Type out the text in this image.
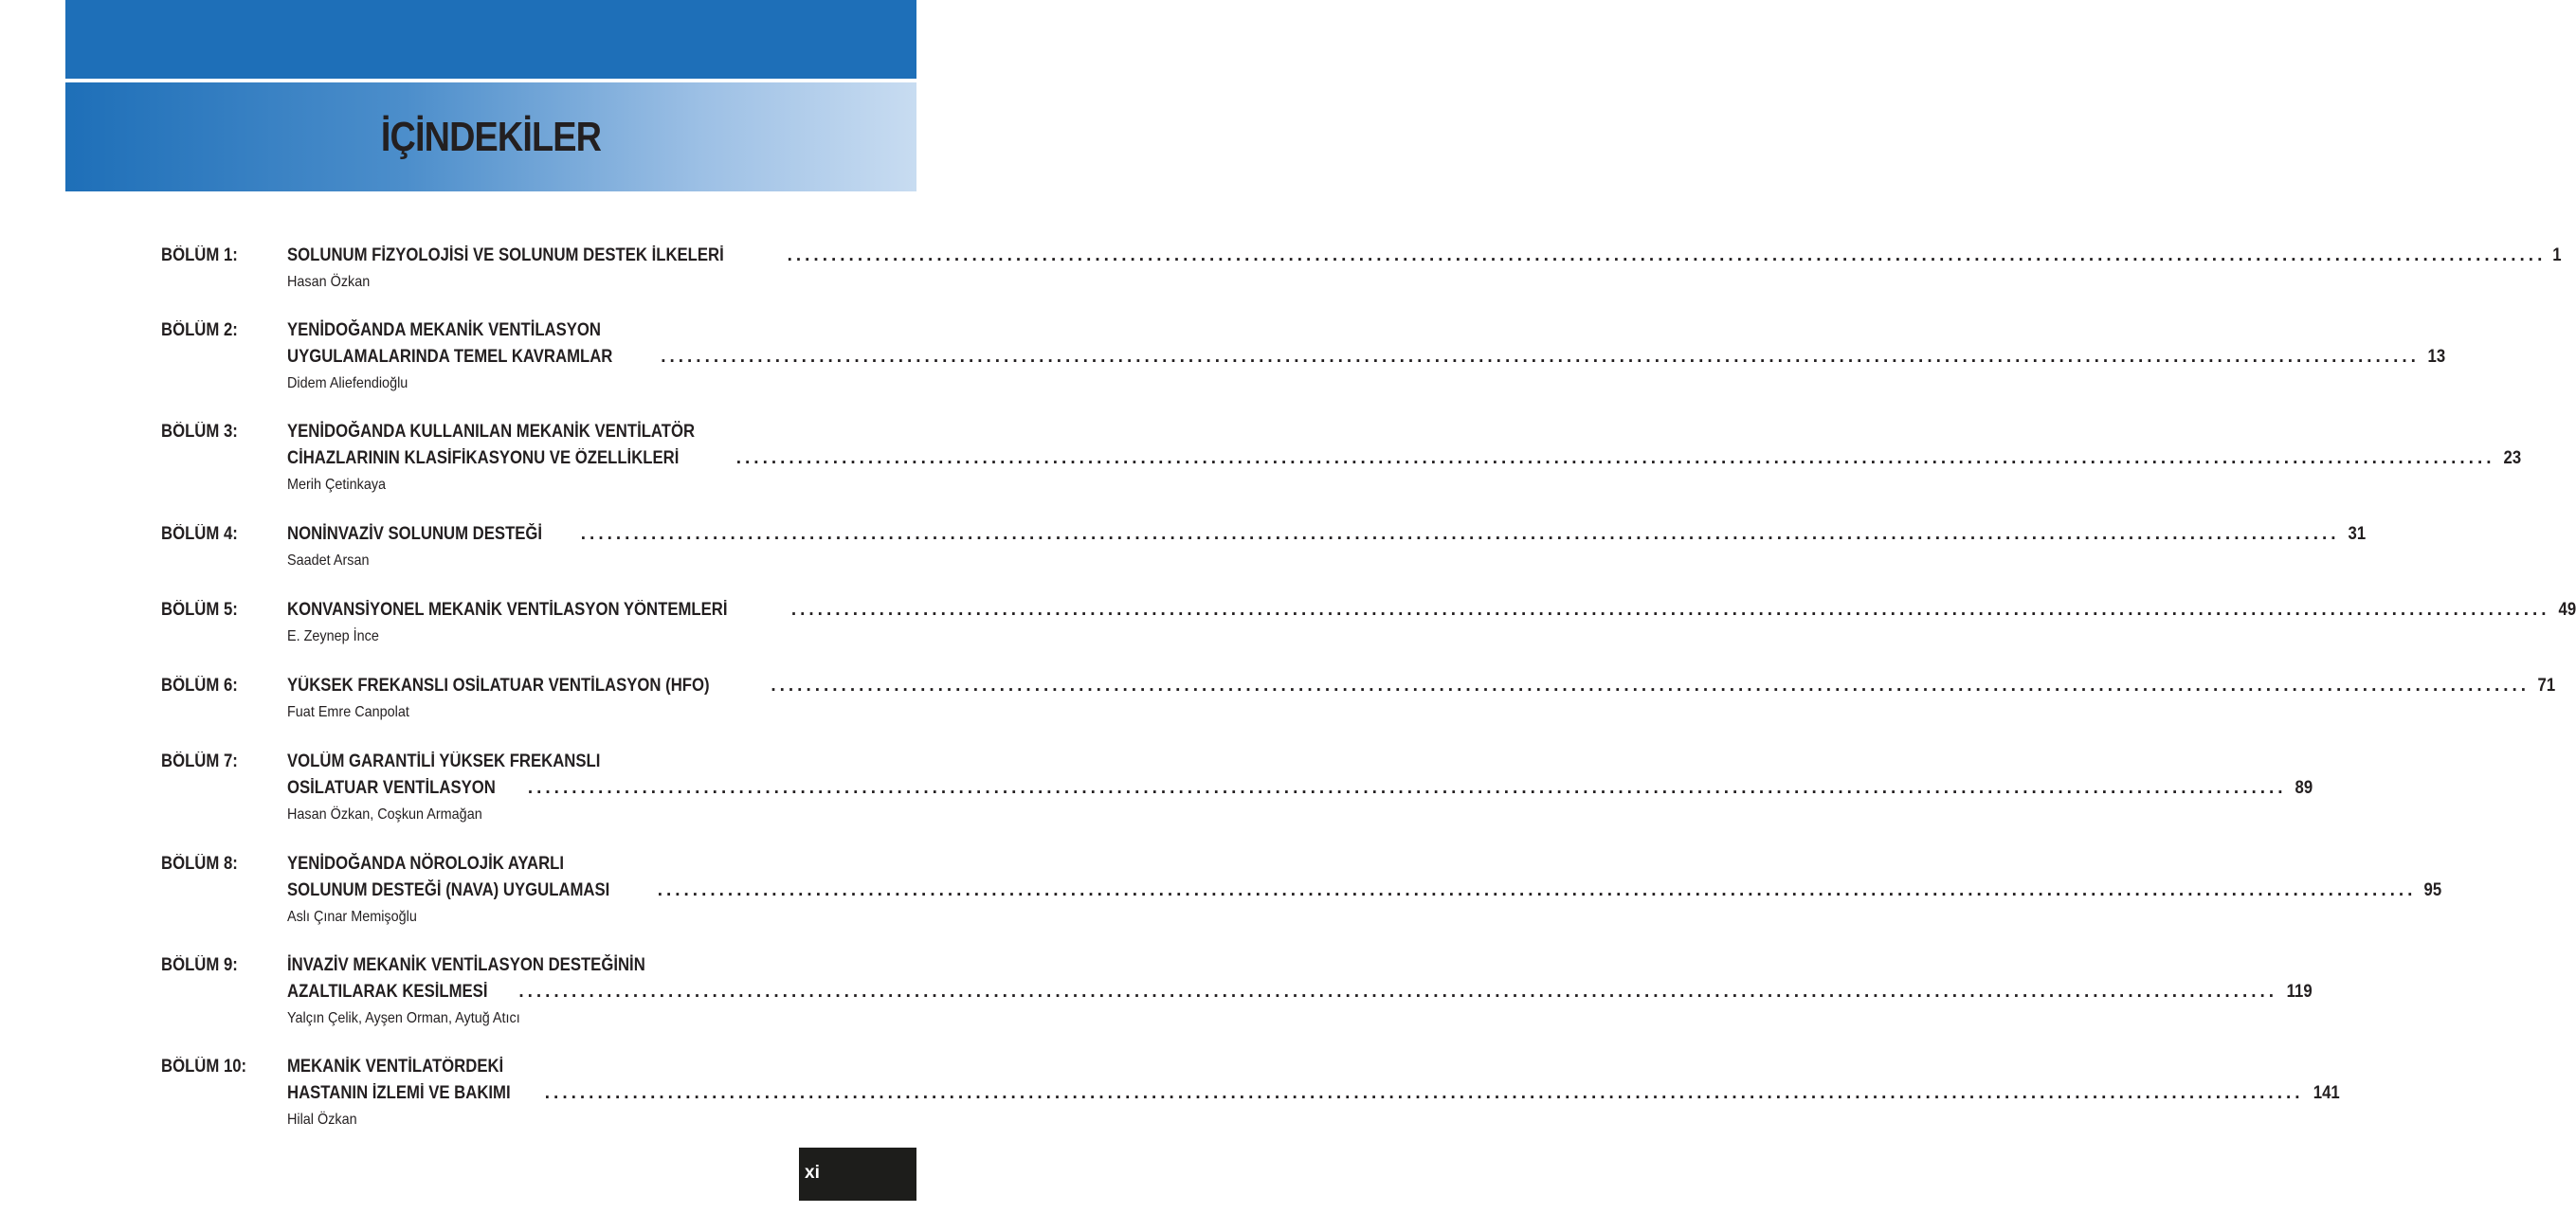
İÇİNDEKİLER
BÖLÜM 1:	SOLUNUM FİZYOLOJİSİ VE SOLUNUM DESTEK İLKELERİ	........................................................................................................................................................................................................ 1
Hasan Özkan
BÖLÜM 2:	YENİDOĞANDA MEKANİK VENTİLASYON
UYGULAMALARINDA TEMEL KAVRAMLAR	........................................................................................................................................................................................................ 13
Didem Aliefendioğlu
BÖLÜM 3:	YENİDOĞANDA KULLANILAN MEKANİK VENTİLATÖR
CİHAZLARININ KLASİFİKASYONU VE ÖZELLİKLERİ	........................................................................................................................................................................................................ 23
Merih Çetinkaya
BÖLÜM 4:	NONİNVAZİV SOLUNUM DESTEĞİ ........................................................................................................................................................................................................ 31
Saadet Arsan
BÖLÜM 5:	KONVANSİYONEL MEKANİK VENTİLASYON YÖNTEMLERİ	........................................................................................................................................................................................................ 49
E. Zeynep İnce
BÖLÜM 6:	YÜKSEK FREKANSLI OSİLATUAR VENTİLASYON (HFO)	........................................................................................................................................................................................................ 71
Fuat Emre Canpolat
BÖLÜM 7:	VOLÜM GARANTİLİ YÜKSEK FREKANSLI
OSİLATUAR VENTİLASYON ........................................................................................................................................................................................................ 89
Hasan Özkan, Coşkun Armağan
BÖLÜM 8:	YENİDOĞANDA NÖROLOJİK AYARLI
SOLUNUM DESTEĞİ (NAVA) UYGULAMASI	........................................................................................................................................................................................................ 95
Aslı Çınar Memişoğlu
BÖLÜM 9:	İNVAZİV MEKANİK VENTİLASYON DESTEĞİNİN
AZALTILARAK KESİLMESİ ........................................................................................................................................................................................................ 119
Yalçın Çelik, Ayşen Orman, Aytuğ Atıcı
BÖLÜM 10: MEKANİK VENTİLATÖRDEKİ
HASTANIN İZLEMİ VE BAKIMI ........................................................................................................................................................................................................ 141
Hilal Özkan
xi
